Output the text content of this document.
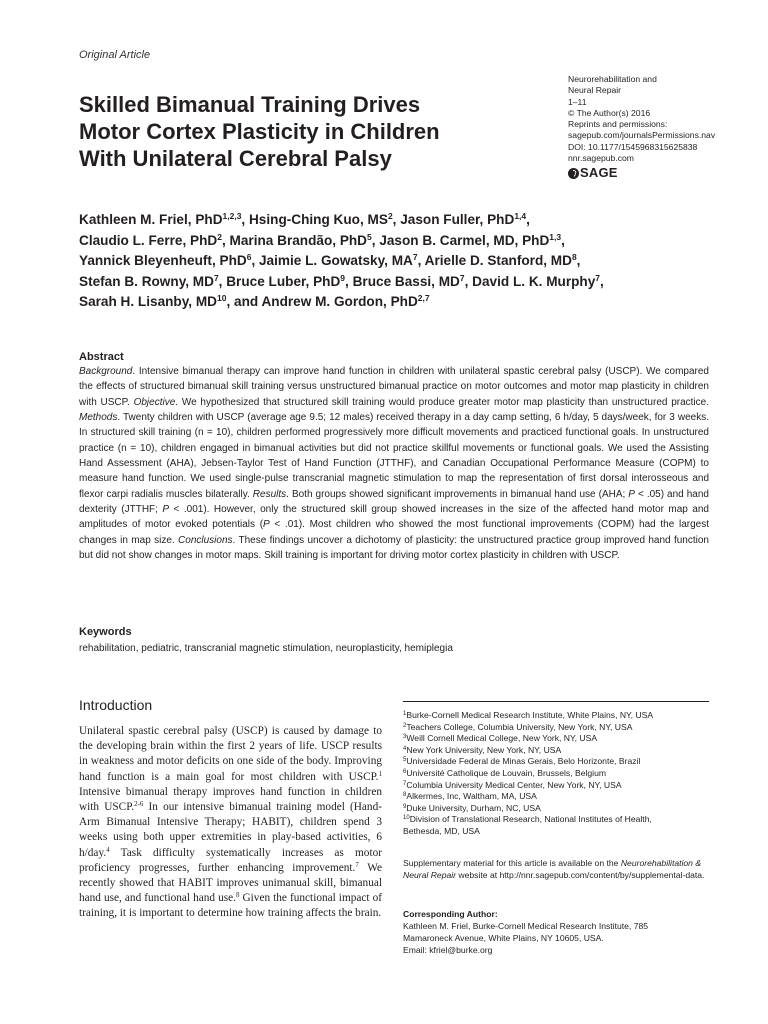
Original Article
Skilled Bimanual Training Drives Motor Cortex Plasticity in Children With Unilateral Cerebral Palsy
Neurorehabilitation and
Neural Repair
1–11
© The Author(s) 2016
Reprints and permissions:
sagepub.com/journalsPermissions.nav
DOI: 10.1177/1545968315625838
nnr.sagepub.com
SAGE
Kathleen M. Friel, PhD$^{1,2,3}$, Hsing-Ching Kuo, $MS^2$, Jason Fuller, PhD$^{1,4}$,
Claudio L. Ferre, PhD$^2$, Marina Brandão, PhD$^5$, Jason B. Carmel, MD, PhD$^{1,3}$,
Yannick Bleyenheuft, PhD$^6$, Jaimie L. Gowatsky, $MA^7$, Arielle D. Stanford, $MD^8$,
Stefan B. Rowny, $MD^7$, Bruce Luber, PhD$^9$, Bruce Bassi, $MD^7$, David L. K. Murphy$^7$,
Sarah H. Lisanby, MD$^{10}$, and Andrew M. Gordon, PhD$^{2,7}$
Abstract
Background. Intensive bimanual therapy can improve hand function in children with unilateral spastic cerebral palsy (USCP). We compared the effects of structured bimanual skill training versus unstructured bimanual practice on motor outcomes and motor map plasticity in children with USCP. Objective. We hypothesized that structured skill training would produce greater motor map plasticity than unstructured practice. Methods. Twenty children with USCP (average age 9.5; 12 males) received therapy in a day camp setting, 6 h/day, 5 days/week, for 3 weeks. In structured skill training (n = 10), children performed progressively more difficult movements and practiced functional goals. In unstructured practice (n = 10), children engaged in bimanual activities but did not practice skillful movements or functional goals. We used the Assisting Hand Assessment (AHA), Jebsen-Taylor Test of Hand Function (JTTHF), and Canadian Occupational Performance Measure (COPM) to measure hand function. We used single-pulse transcranial magnetic stimulation to map the representation of first dorsal interosseous and flexor carpi radialis muscles bilaterally. Results. Both groups showed significant improvements in bimanual hand use (AHA; P < .05) and hand dexterity (JTTHF; P < .001). However, only the structured skill group showed increases in the size of the affected hand motor map and amplitudes of motor evoked potentials (P < .01). Most children who showed the most functional improvements (COPM) had the largest changes in map size. Conclusions. These findings uncover a dichotomy of plasticity: the unstructured practice group improved hand function but did not show changes in motor maps. Skill training is important for driving motor cortex plasticity in children with USCP.
Keywords
rehabilitation, pediatric, transcranial magnetic stimulation, neuroplasticity, hemiplegia
Introduction

Unilateral spastic cerebral palsy (USCP) is caused by damage to the developing brain within the first 2 years of life. USCP results in weakness and motor deficits on one side of the body. Improving hand function is a main goal for most children with USCP.$^1$ Intensive bimanual therapy improves hand function in children with USCP.$^{2-6}$ In our intensive bimanual training model (Hand-Arm Bimanual Intensive Therapy; HABIT), children spend 3 weeks using both upper extremities in play-based activities, 6 h/day.$^4$ Task difficulty systematically increases as motor proficiency progresses, further enhancing improvement.$^7$ We recently showed that HABIT improves unimanual skill, bimanual hand use, and functional hand use.$^8$ Given the functional impact of training, it is important to determine how training affects the brain.

$^1$Burke-Cornell Medical Research Institute, White Plains, NY, USA
$^2$Teachers College, Columbia University, New York, NY, USA
$^3$Weill Cornell Medical College, New York, NY, USA
$^4$New York University, New York, NY, USA
$^5$Universidade Federal de Minas Gerais, Belo Horizonte, Brazil
$^6$Université Catholique de Louvain, Brussels, Belgium
$^7$Columbia University Medical Center, New York, NY, USA
$^8$Alkermes, Inc, Waltham, MA, USA
$^9$Duke University, Durham, NC, USA
$^{10}$Division of Translational Research, National Institutes of Health,
Bethesda, MD, USA
Supplementary material for this article is available on the Neurorehabilitation & Neural Repair website at http://nnr.sagepub.com/content/by/supplemental-data.
Corresponding Author:
Kathleen M. Friel, Burke-Cornell Medical Research Institute, 785
Mamaroneck Avenue, White Plains, NY 10605, USA.
Email: kfriel@burke.org
